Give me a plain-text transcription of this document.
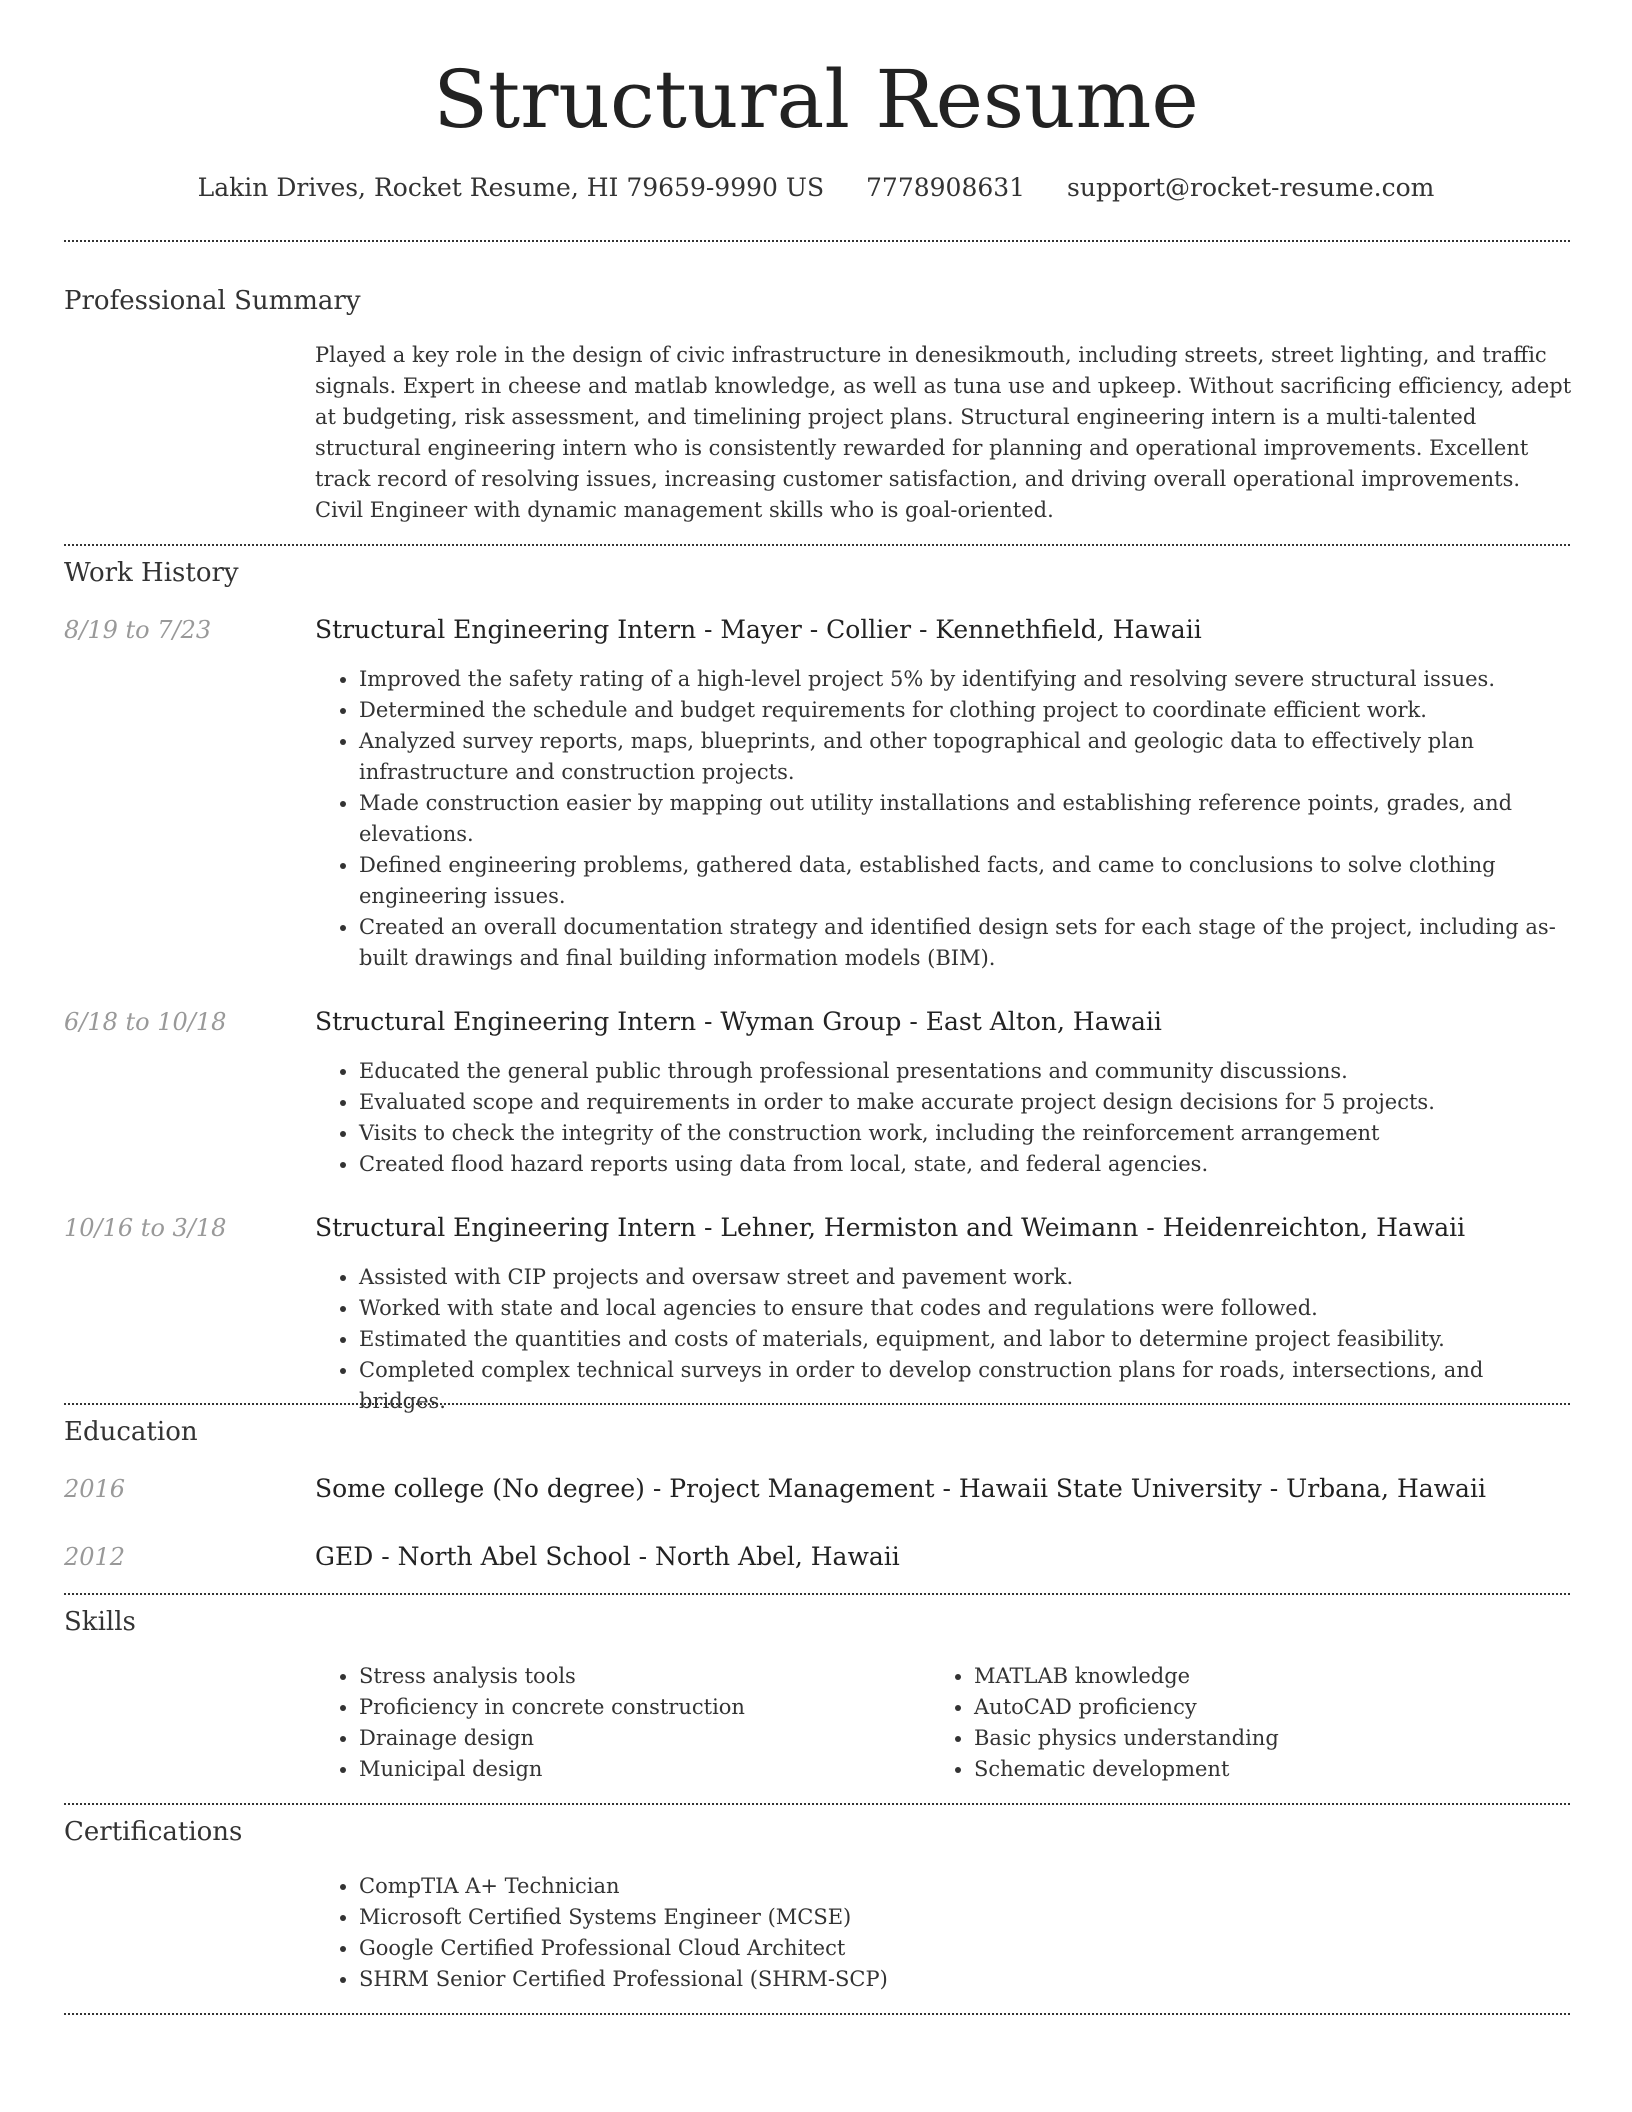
Structural Resume
Lakin Drives, Rocket Resume, HI 79659-9990 US 7778908631 support@rocket-resume.com
Professional Summary
Played a key role in the design of civic infrastructure in denesikmouth, including streets, street lighting, and traffic signals. Expert in cheese and matlab knowledge, as well as tuna use and upkeep. Without sacrificing efficiency, adept at budgeting, risk assessment, and timelining project plans. Structural engineering intern is a multi-talented structural engineering intern who is consistently rewarded for planning and operational improvements. Excellent track record of resolving issues, increasing customer satisfaction, and driving overall operational improvements. Civil Engineer with dynamic management skills who is goal-oriented.
Work History
8/19 to 7/23	Structural Engineering Intern - Mayer - Collier - Kennethfield, Hawaii
• Improved the safety rating of a high-level project 5% by identifying and resolving severe structural issues.
• Determined the schedule and budget requirements for clothing project to coordinate efficient work.
• Analyzed survey reports, maps, blueprints, and other topographical and geologic data to effectively plan infrastructure and construction projects.
• Made construction easier by mapping out utility installations and establishing reference points, grades, and elevations.
• Defined engineering problems, gathered data, established facts, and came to conclusions to solve clothing engineering issues.
• Created an overall documentation strategy and identified design sets for each stage of the project, including as-built drawings and final building information models (BIM).
6/18 to 10/18	Structural Engineering Intern - Wyman Group - East Alton, Hawaii
• Educated the general public through professional presentations and community discussions.
• Evaluated scope and requirements in order to make accurate project design decisions for 5 projects.
• Visits to check the integrity of the construction work, including the reinforcement arrangement
• Created flood hazard reports using data from local, state, and federal agencies.
10/16 to 3/18	Structural Engineering Intern - Lehner, Hermiston and Weimann - Heidenreichton, Hawaii
• Assisted with CIP projects and oversaw street and pavement work.
• Worked with state and local agencies to ensure that codes and regulations were followed.
• Estimated the quantities and costs of materials, equipment, and labor to determine project feasibility.
• Completed complex technical surveys in order to develop construction plans for roads, intersections, and bridges.
Education
2016	Some college (No degree) - Project Management - Hawaii State University - Urbana, Hawaii
2012	GED - North Abel School - North Abel, Hawaii
Skills
• Stress analysis tools
• Proficiency in concrete construction
• Drainage design
• Municipal design
• MATLAB knowledge
• AutoCAD proficiency
• Basic physics understanding
• Schematic development
Certifications
• CompTIA A+ Technician
• Microsoft Certified Systems Engineer (MCSE)
• Google Certified Professional Cloud Architect
• SHRM Senior Certified Professional (SHRM-SCP)
